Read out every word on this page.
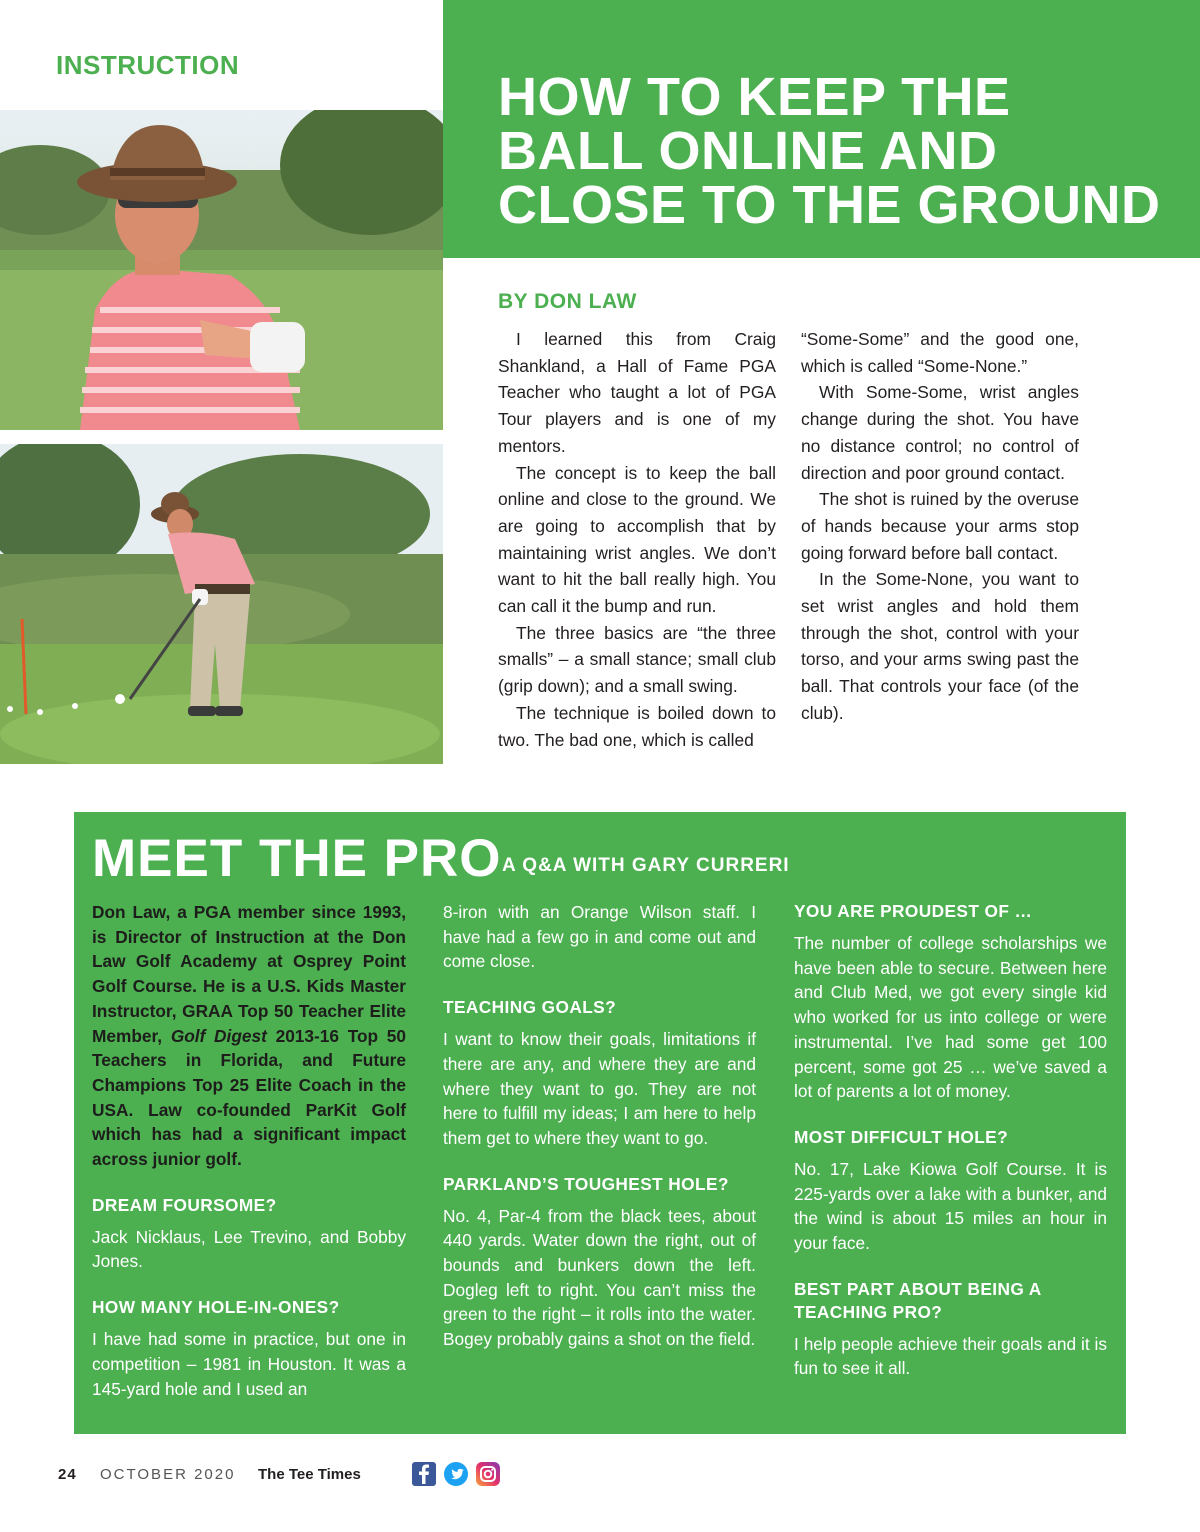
INSTRUCTION
HOW TO KEEP THE
BALL ONLINE AND
CLOSE TO THE GROUND
BY DON LAW

I learned this from Craig Shankland, a Hall of Fame PGA Teacher who taught a lot of PGA Tour players and is one of my mentors.

The concept is to keep the ball online and close to the ground. We are going to accomplish that by maintaining wrist angles. We don’t want to hit the ball really high. You can call it the bump and run.

The three basics are “the three smalls” – a small stance; small club (grip down); and a small swing.

The technique is boiled down to two. The bad one, which is called

“Some-Some” and the good one, which is called “Some-None.”

With Some-Some, wrist angles change during the shot. You have no distance control; no control of direction and poor ground contact.

The shot is ruined by the overuse of hands because your arms stop going forward before ball contact.

In the Some-None, you want to set wrist angles and hold them through the shot, control with your torso, and your arms swing past the ball. That controls your face (of the club).

MEET THE PRO A Q&A WITH GARY CURRERI

Don Law, a PGA member since 1993, is Director of Instruction at the Don Law Golf Academy at Osprey Point Golf Course. He is a U.S. Kids Master Instructor, GRAA Top 50 Teacher Elite Member, Golf Digest 2013-16 Top 50 Teachers in Florida, and Future Champions Top 25 Elite Coach in the USA. Law co-founded ParKit Golf which has had a significant impact across junior golf.

DREAM FOURSOME?

Jack Nicklaus, Lee Trevino, and Bobby Jones.

HOW MANY HOLE-IN-ONES?

I have had some in practice, but one in competition – 1981 in Houston. It was a 145-yard hole and I used an

8-iron with an Orange Wilson staff. I have had a few go in and come out and come close.

TEACHING GOALS?

I want to know their goals, limitations if there are any, and where they are and where they want to go. They are not here to fulfill my ideas; I am here to help them get to where they want to go.

PARKLAND’S TOUGHEST HOLE?

No. 4, Par-4 from the black tees, about 440 yards. Water down the right, out of bounds and bunkers down the left. Dogleg left to right. You can’t miss the green to the right – it rolls into the water. Bogey probably gains a shot on the field.

YOU ARE PROUDEST OF …

The number of college scholarships we have been able to secure. Between here and Club Med, we got every single kid who worked for us into college or were instrumental. I’ve had some get 100 percent, some got 25 … we’ve saved a lot of parents a lot of money.

MOST DIFFICULT HOLE?

No. 17, Lake Kiowa Golf Course. It is 225-yards over a lake with a bunker, and the wind is about 15 miles an hour in your face.

BEST PART ABOUT BEING A TEACHING PRO?

I help people achieve their goals and it is fun to see it all.

24	OCTOBER 2020	The Tee Times
